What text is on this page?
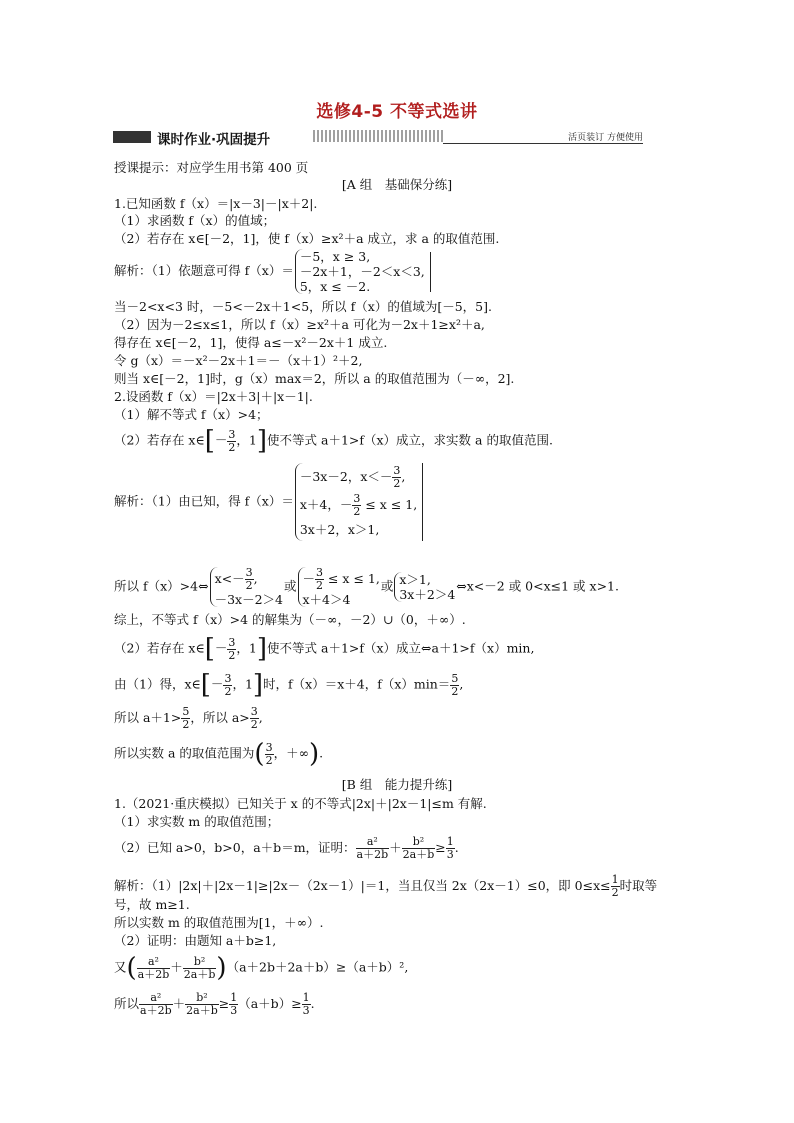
选修4-5 不等式选讲
课时作业·巩固提升	活页装订 方便使用
授课提示：对应学生用书第 400 页
[A 组　基础保分练]
1.已知函数 f（x）＝|x－3|－|x＋2|.
（1）求函数 f（x）的值域；
（2）若存在 x∈[－2，1]，使 f（x）≥x²＋a 成立，求 a 的取值范围.
解析：（1）依题意可得 f（x）＝
－5，x ≥ 3,
－2x＋1，－2＜x＜3,
5，x ≤ －2.
当－2<x<3 时，－5<－2x＋1<5，所以 f（x）的值域为[－5，5].
（2）因为－2≤x≤1，所以 f（x）≥x²＋a 可化为－2x＋1≥x²＋a,
得存在 x∈[－2，1]，使得 a≤－x²－2x＋1 成立.
令 g（x）＝－x²－2x＋1＝－（x＋1）²＋2,
则当 x∈[－2，1]时，g（x）max＝2，所以 a 的取值范围为（－∞，2].
2.设函数 f（x）＝|2x＋3|＋|x－1|.
（1）解不等式 f（x）>4；
（2）若存在 x∈[－ $\frac{3}{2}$ ，1]使不等式 a＋1>f（x）成立，求实数 a 的取值范围.
解析：（1）由已知，得 f（x）＝
－3x－2，$x<- \frac{3}{2}$ ,
x＋4，－ $\frac{3}{2} \le x \le 1$,
3x＋2，x＞1,
所以 f（x）>4⇔ $x<- \frac{3}{2}$ ,
－3x－2＞4
或 － $\frac{3}{2} \le x \le 1$,
x＋4＞4
或 x＞1,
3x＋2＞4
⇔x<－2 或 0<x≤1 或 x>1.
综上，不等式 f（x）>4 的解集为（－∞，－2）∪（0，＋∞）.
（2）若存在 x∈[－ $\frac{3}{2}$ ，1]使不等式 a＋1>f（x）成立⇔a＋1>f（x）min,
由（1）得，x∈[－ $\frac{3}{2}$ ，1]时，f（x）＝x＋4，$f(x)\min= \frac{5}{2}$ ,
所以 $a+1> \frac{5}{2}$ ，所以 $a> \frac{3}{2}$ ,
所以实数 a 的取值范围为( $\frac{3}{2}$ ，＋∞).
[B 组　能力提升练]
1.（2021·重庆模拟）已知关于 x 的不等式|2x|＋|2x－1|≤m 有解.
（1）求实数 m 的取值范围；
（2）已知 a>0，b>0，a＋b＝m，证明： $\frac{\text{a²}}{a+2b} + \frac{\text{b²}}{2a+b} \ge \frac{1}{3}$ .
解析：（1）|2x|＋|2x－1|≥|2x－（2x－1）|＝1，当且仅当 2x（2x－1）≤0，即 $0\le x\le \frac{1}{2}$ 时取等
号，故 m≥1.
所以实数 m 的取值范围为[1，＋∞）.
（2）证明：由题知 a＋b≥1,
又( $\frac{\text{a²}}{a+2b} + \frac{\text{b²}}{2a+b} )(a+2b+2a+b)\ge(a+b)^2$,
所以 $\frac{\text{a²}}{a+2b} + \frac{\text{b²}}{2a+b} \ge \frac{1}{3} (a+b)\ge \frac{1}{3}$ .
